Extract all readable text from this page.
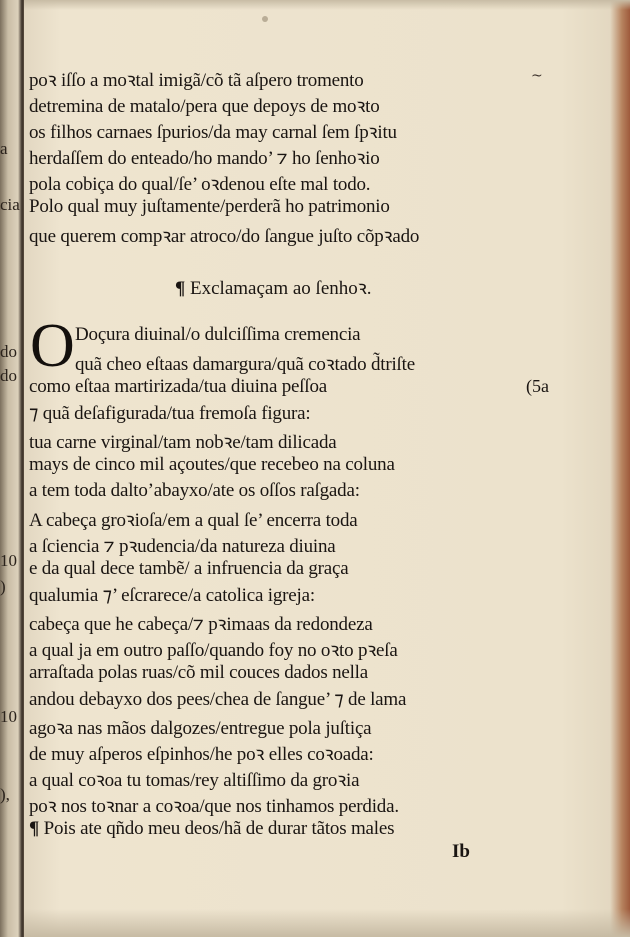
~
a
cia
do
do
10
)
10
),
poꝛ iſſo a moꝛtal imigã/cõ tã aſpero tromento
detremina de matalo/pera que depoys de moꝛto
os filhos carnaes ſpurios/da may carnal ſem ſpꝛitu
herdaſſem do enteado/ho mando’ ⁊ ho ſenhoꝛio
pola cobiça do qual/ſe’ oꝛdenou eſte mal todo.
Polo qual muy juſtamente/perderã ho patrimonio
que querem compꝛar atroco/do ſangue juſto cõpꝛado
¶ Exclamaçam ao ſenhoꝛ.
Doçura diuinal/o dulciſſima cremencia
quã cheo eſtaas damargura/quã coꝛtado d̃triſte
como eſtaa martirizada/tua diuina peſſoa	(5a
⁊ quã deſafigurada/tua fremoſa figura:
tua carne virginal/tam nobꝛe/tam dilicada
mays de cinco mil açoutes/que recebeo na coluna
a tem toda dalto’abayxo/ate os oſſos raſgada:
A cabeça groꝛioſa/em a qual ſe’ encerra toda
a ſciencia ⁊ pꝛudencia/da natureza diuina
e da qual dece tambẽ/ a infruencia da graça
qualumia ⁊’ eſcrarece/a catolica igreja:
cabeça que he cabeça/⁊ pꝛimaas da redondeza
a qual ja em outro paſſo/quando foy no oꝛto pꝛeſa
arraſtada polas ruas/cõ mil couces dados nella
andou debayxo dos pees/chea de ſangue’ ⁊ de lama
agoꝛa nas mãos dalgozes/entregue pola juſtiça
de muy aſperos eſpinhos/he poꝛ elles coꝛoada:
a qual coꝛoa tu tomas/rey altiſſimo da groꝛia
poꝛ nos toꝛnar a coꝛoa/que nos tinhamos perdida.
¶ Pois ate qñdo meu deos/hã de durar tãtos males
O
Ib
